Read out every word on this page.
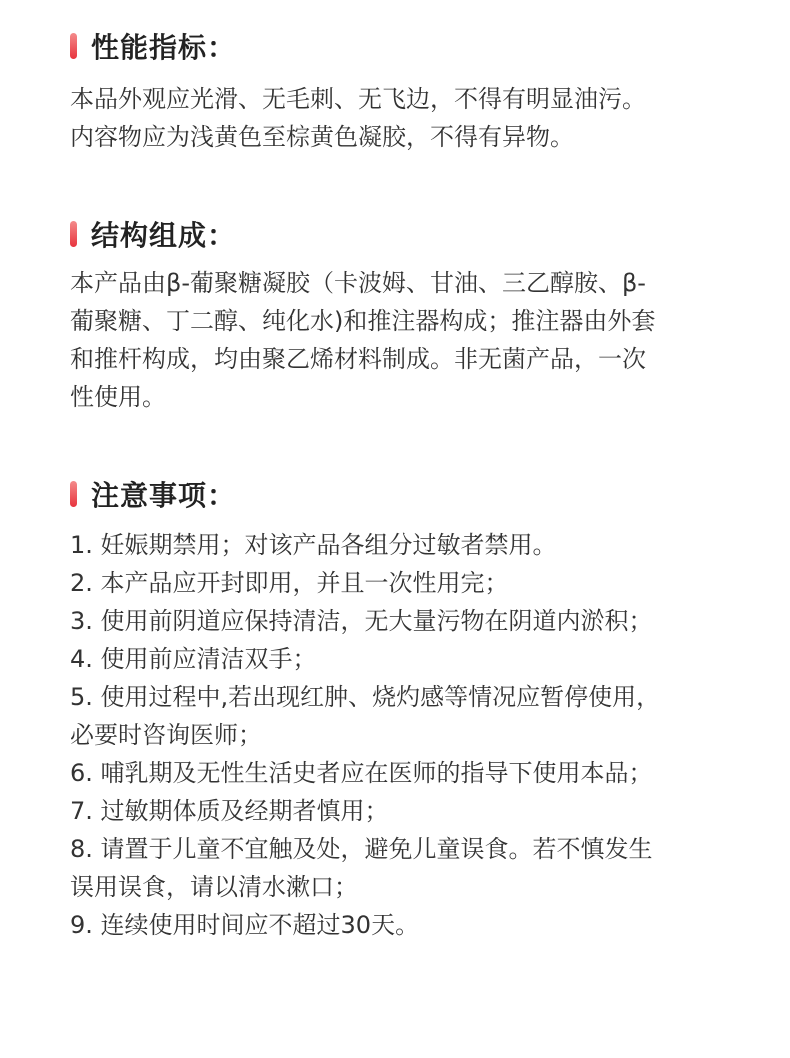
性能指标：
本品外观应光滑、无毛刺、无飞边，不得有明显油污。
内容物应为浅黄色至棕黄色凝胶，不得有异物。
结构组成：
本产品由β-葡聚糖凝胶（卡波姆、甘油、三乙醇胺、β-
葡聚糖、丁二醇、纯化水)和推注器构成；推注器由外套
和推杆构成，均由聚乙烯材料制成。非无菌产品，一次
性使用。
注意事项：
1. 妊娠期禁用；对该产品各组分过敏者禁用。
2. 本产品应开封即用，并且一次性用完；
3. 使用前阴道应保持清洁，无大量污物在阴道内淤积；
4. 使用前应清洁双手；
5. 使用过程中,若出现红肿、烧灼感等情况应暂停使用，
必要时咨询医师；
6. 哺乳期及无性生活史者应在医师的指导下使用本品；
7. 过敏期体质及经期者慎用；
8. 请置于儿童不宜触及处，避免儿童误食。若不慎发生
误用误食，请以清水漱口；
9. 连续使用时间应不超过30天。
